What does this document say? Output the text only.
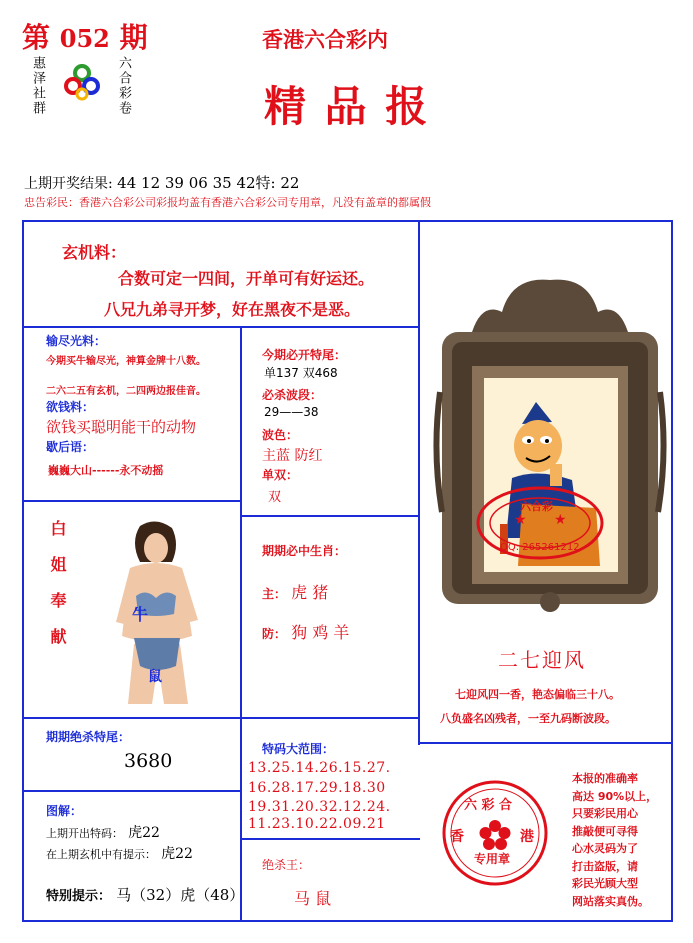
第 052 期
惠泽社群	六合彩卷
香港六合彩内
精 品 报
上期开奖结果: 44 12 39 06 35 42特: 22
忠告彩民：香港六合彩公司彩报均盖有香港六合彩公司专用章，凡没有盖章的都属假
玄机料：
合数可定一四间，开单可有好运还。
八兄九弟寻开梦，好在黑夜不是恶。
输尽光料：
今期买牛输尽光，神算金牌十八数。
二六二五有玄机，二四两边报佳音。
欲钱料：
欲钱买聪明能干的动物
歇后语：
巍巍大山------永不动摇
今期必开特尾：
单137 双468
必杀波段：
29——38
波色：
主蓝 防红
单双：
双
白姐奉献	牛
鼠
期期必中生肖：
主： 虎 猪
防： 狗 鸡 羊
期期绝杀特尾：
3680
图解：
上期开出特码： 虎22
在上期玄机中有提示： 虎22
特别提示： 马（32）虎（48）
特码大范围：
13.25.14.26.15.27.
16.28.17.29.18.30
19.31.20.32.12.24.
11.23.10.22.09.21
绝杀王：
马 鼠
★ ★
六合彩
QQ: 265261212
二七迎风
七迎风四一香，艳态偏临三十八。
八负盛名凶残者，一至九码断波段。
六 彩 合
香	港
专用章
本报的准确率
高达 90%以上，
只要彩民用心
推敲便可寻得
心水灵码为了
打击盗版，请
彩民光顾大型
网站落实真伪。
